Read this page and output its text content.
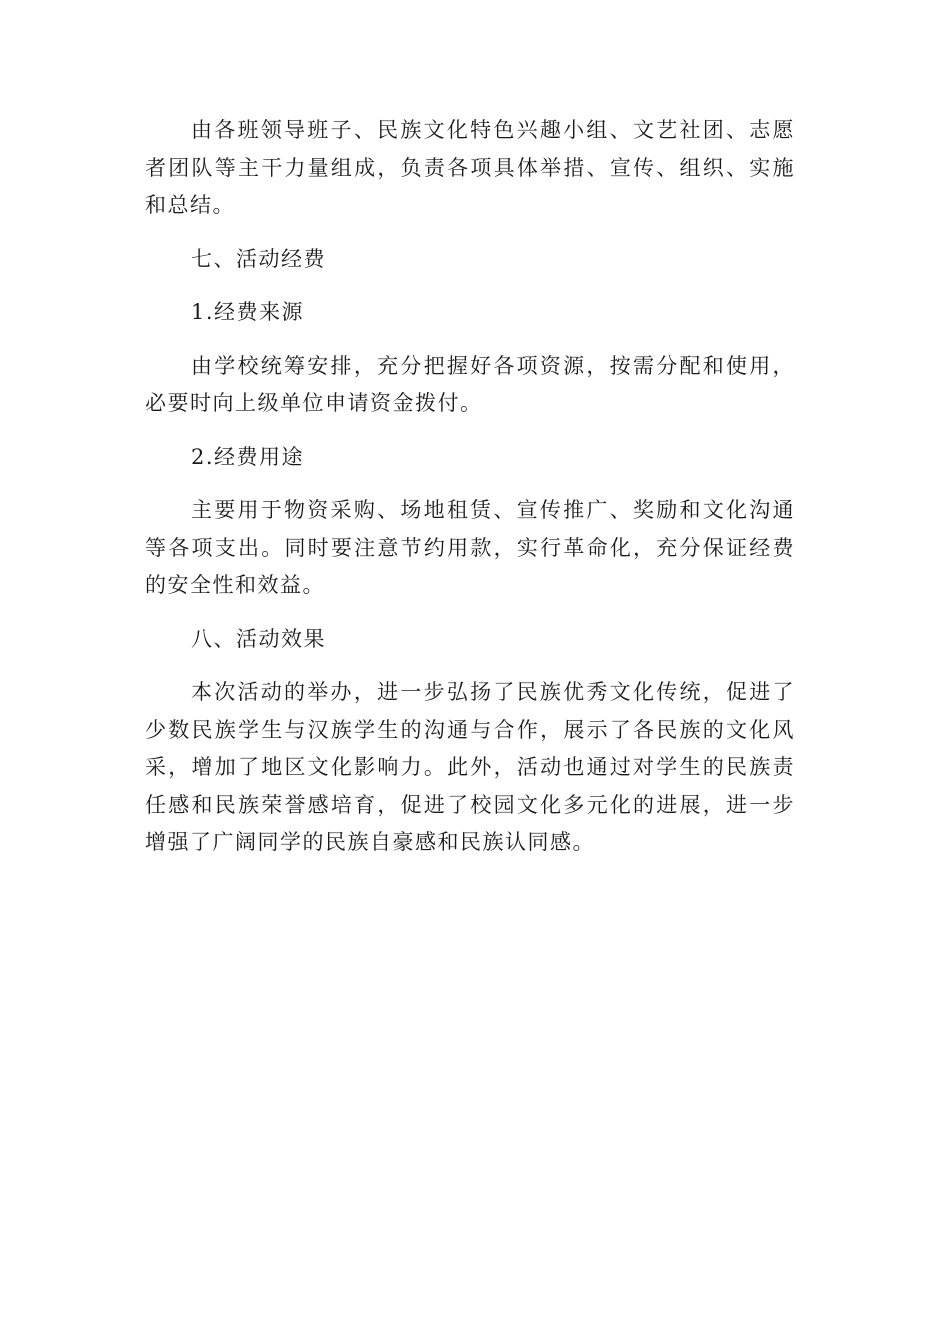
由各班领导班子、民族文化特色兴趣小组、文艺社团、志愿者团队等主干力量组成，负责各项具体举措、宣传、组织、实施和总结。

七、活动经费

1.经费来源

由学校统筹安排，充分把握好各项资源，按需分配和使用，必要时向上级单位申请资金拨付。

2.经费用途

主要用于物资采购、场地租赁、宣传推广、奖励和文化沟通等各项支出。同时要注意节约用款，实行革命化，充分保证经费的安全性和效益。

八、活动效果

本次活动的举办，进一步弘扬了民族优秀文化传统，促进了少数民族学生与汉族学生的沟通与合作，展示了各民族的文化风采，增加了地区文化影响力。此外，活动也通过对学生的民族责任感和民族荣誉感培育，促进了校园文化多元化的进展，进一步增强了广阔同学的民族自豪感和民族认同感。
